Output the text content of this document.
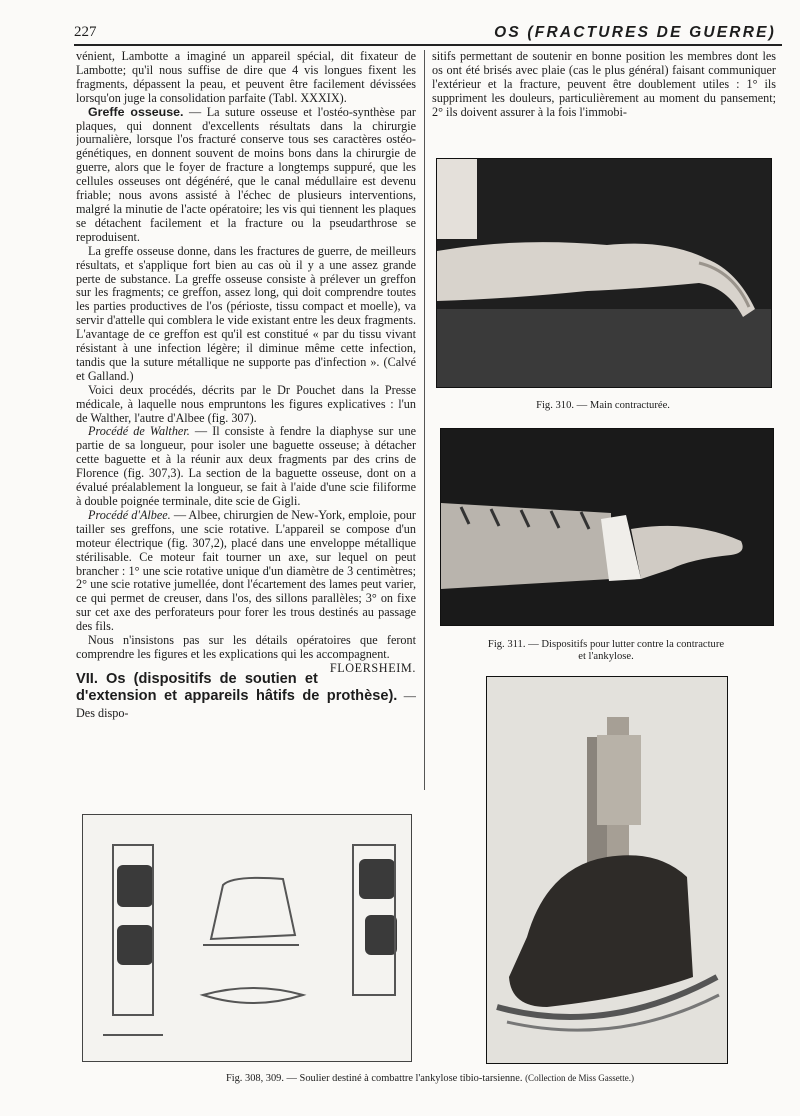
227	OS (FRACTURES DE GUERRE)

vénient, Lambotte a imaginé un appareil spécial, dit fixateur de Lambotte; qu'il nous suffise de dire que 4 vis longues fixent les fragments, dépassent la peau, et peuvent être facilement dévissées lorsqu'on juge la consolidation parfaite (Tabl. XXXIX).

Greffe osseuse. — La suture osseuse et l'ostéo-synthèse par plaques, qui donnent d'excellents résultats dans la chirurgie journalière, lorsque l'os fracturé conserve tous ses caractères ostéo-génétiques, en donnent souvent de moins bons dans la chirurgie de guerre, alors que le foyer de fracture a longtemps suppuré, que les cellules osseuses ont dégénéré, que le canal médullaire est devenu friable; nous avons assisté à l'échec de plusieurs interventions, malgré la minutie de l'acte opératoire; les vis qui tiennent les plaques se détachent facilement et la fracture ou la pseudarthrose se reproduisent.

La greffe osseuse donne, dans les fractures de guerre, de meilleurs résultats, et s'applique fort bien au cas où il y a une assez grande perte de substance. La greffe osseuse consiste à prélever un greffon sur les fragments; ce greffon, assez long, qui doit comprendre toutes les parties productives de l'os (périoste, tissu compact et moelle), va servir d'attelle qui comblera le vide existant entre les deux fragments. L'avantage de ce greffon est qu'il est constitué « par du tissu vivant résistant à une infection légère; il diminue même cette infection, tandis que la suture métallique ne supporte pas d'infection ». (Calvé et Galland.)

Voici deux procédés, décrits par le Dr Pouchet dans la Presse médicale, à laquelle nous empruntons les figures explicatives : l'un de Walther, l'autre d'Albee (fig. 307).

Procédé de Walther. — Il consiste à fendre la diaphyse sur une partie de sa longueur, pour isoler une baguette osseuse; à détacher cette baguette et à la réunir aux deux fragments par des crins de Florence (fig. 307,3). La section de la baguette osseuse, dont on a évalué préalablement la longueur, se fait à l'aide d'une scie filiforme à double poignée terminale, dite scie de Gigli.

Procédé d'Albee. — Albee, chirurgien de New-York, emploie, pour tailler ses greffons, une scie rotative. L'appareil se compose d'un moteur électrique (fig. 307,2), placé dans une enveloppe métallique stérilisable. Ce moteur fait tourner un axe, sur lequel on peut brancher : 1° une scie rotative unique d'un diamètre de 3 centimètres; 2° une scie rotative jumellée, dont l'écartement des lames peut varier, ce qui permet de creuser, dans l'os, des sillons parallèles; 3° on fixe sur cet axe des perforateurs pour forer les trous destinés au passage des fils.

Nous n'insistons pas sur les détails opératoires que feront comprendre les figures et les explications qui les accompagnent.
FLOERSHEIM.

VII. Os (dispositifs de soutien et d'extension et appareils hâtifs de prothèse). — Des dispo-

sitifs permettant de soutenir en bonne position les membres dont les os ont été brisés avec plaie (cas le plus général) faisant communiquer l'extérieur et la fracture, peuvent être doublement utiles : 1° ils suppriment les douleurs, particulièrement au moment du pansement; 2° ils doivent assurer à la fois l'immobi-

Fig. 310. — Main contracturée.
Fig. 311. — Dispositifs pour lutter contre la contracture
et l'ankylose.
Fig. 308, 309. — Soulier destiné à combattre l'ankylose tibio-tarsienne. (Collection de Miss Gassette.)
